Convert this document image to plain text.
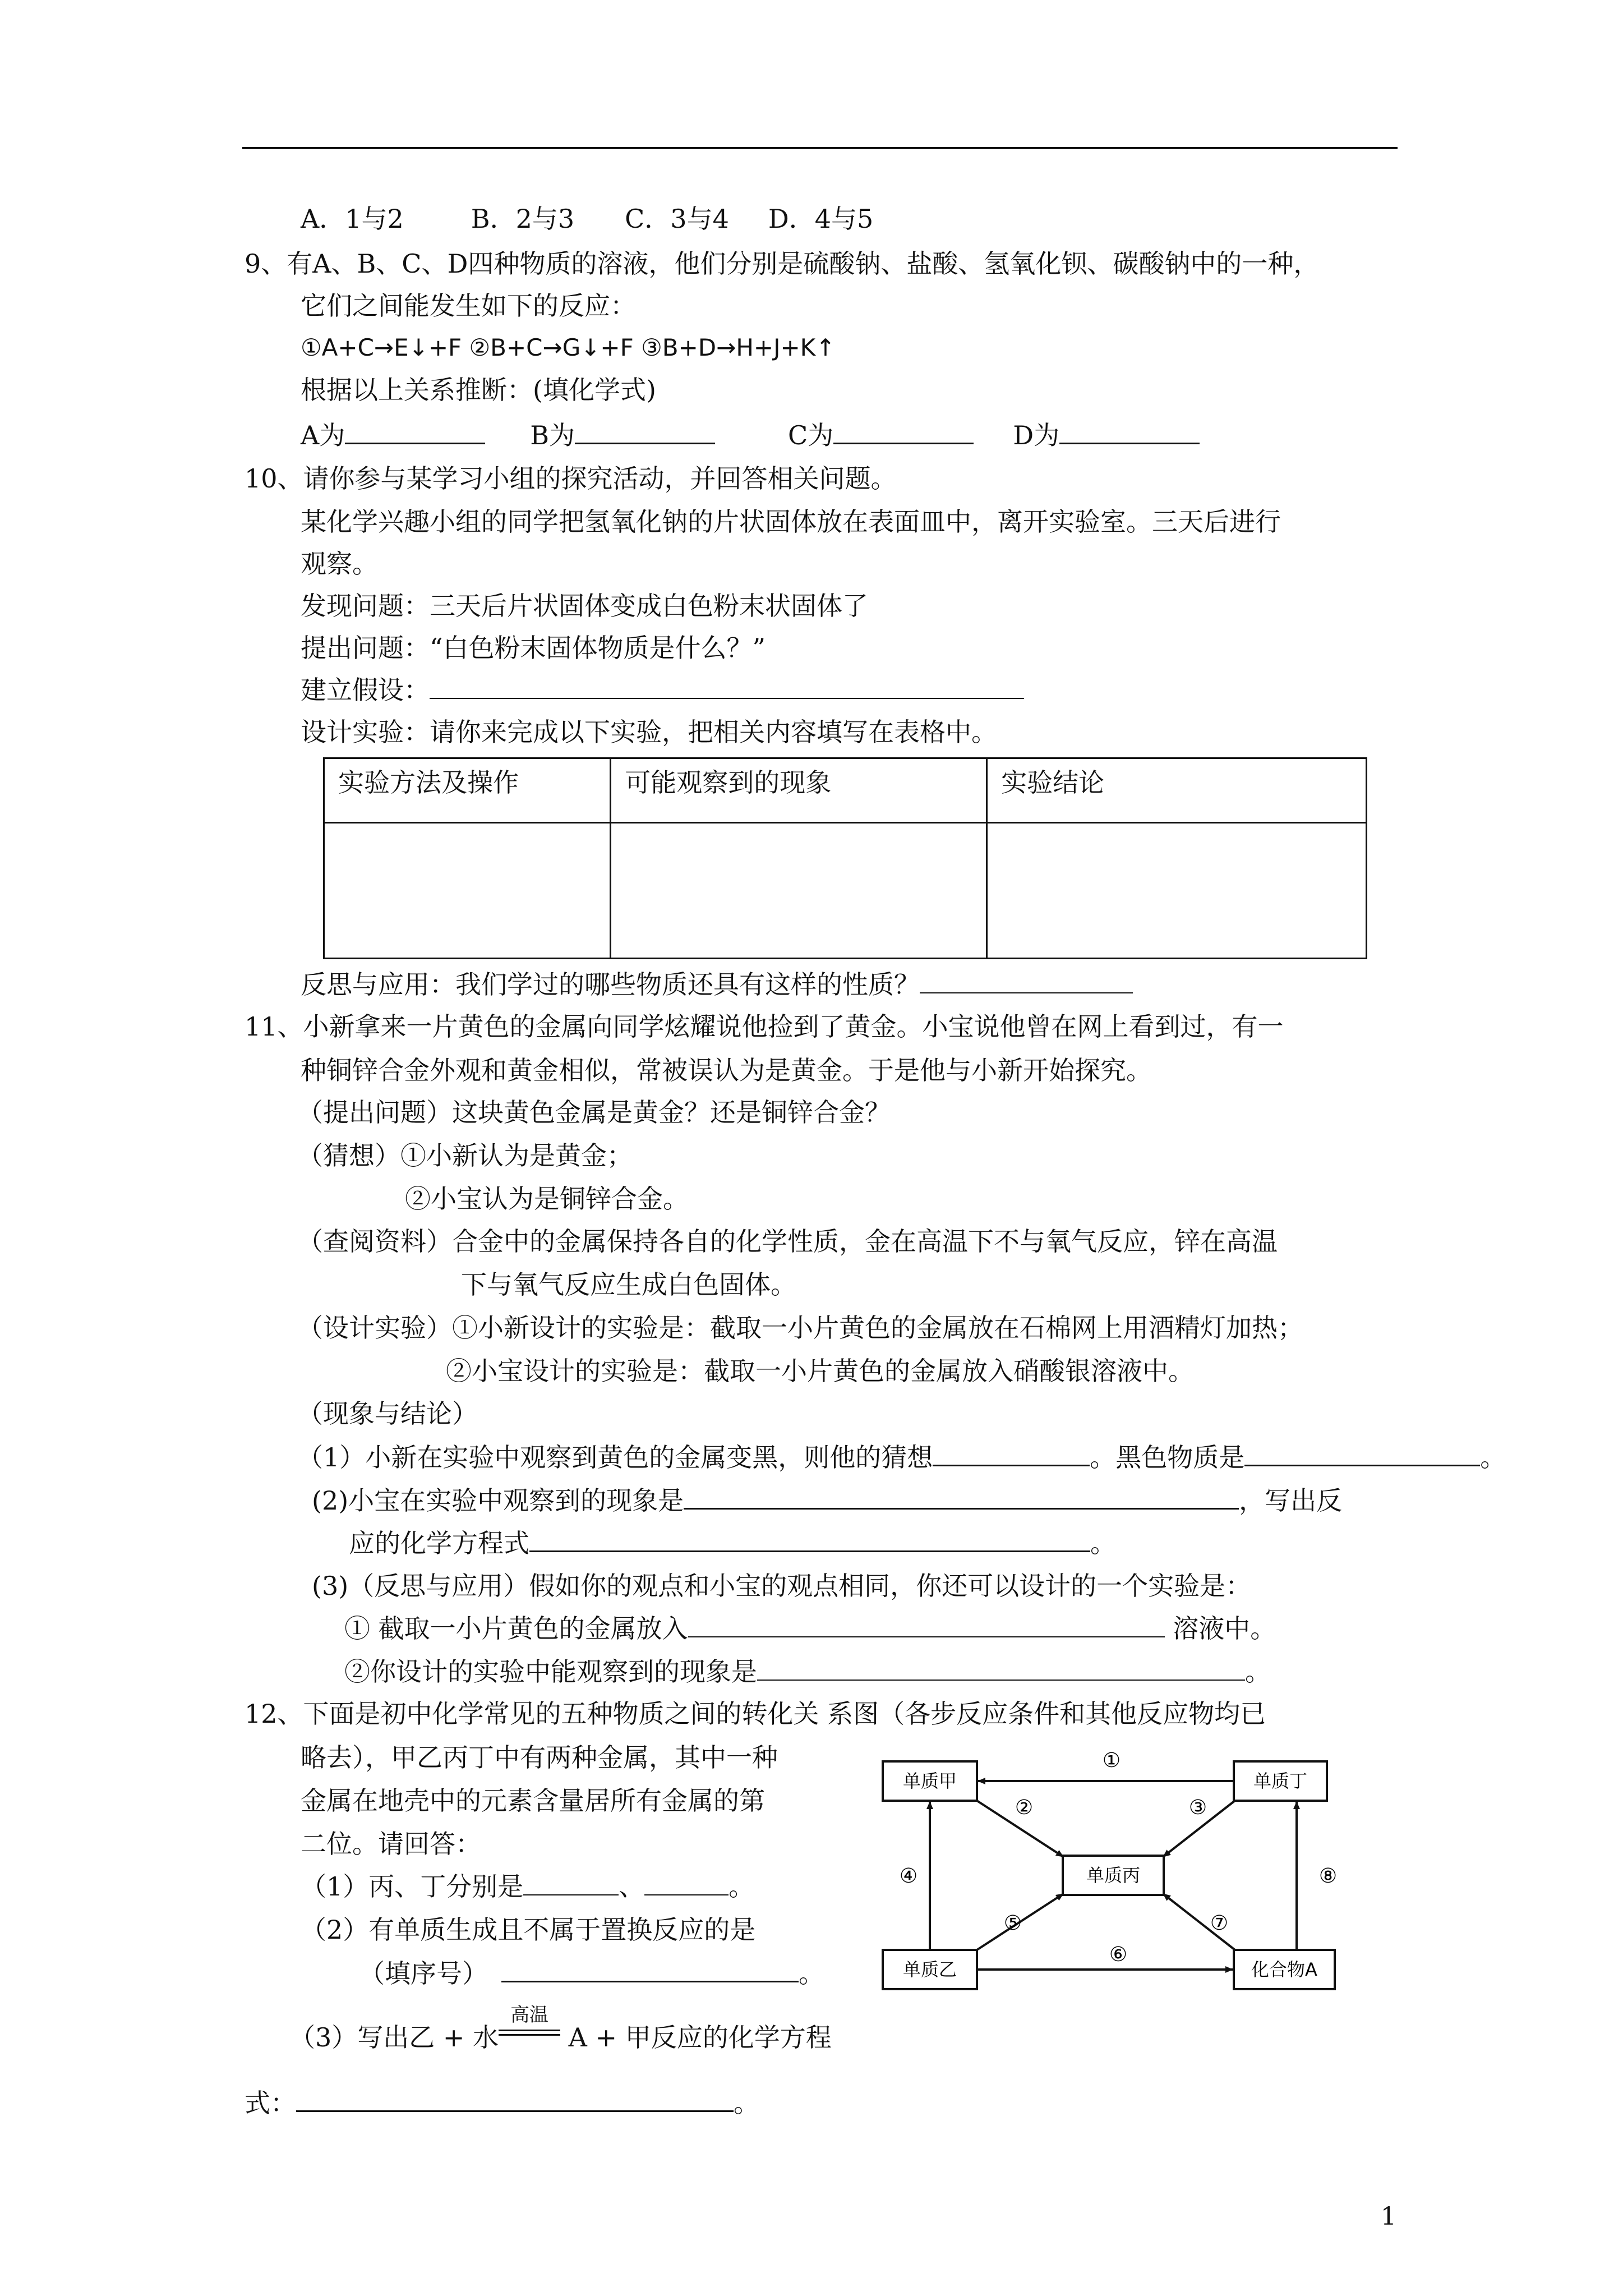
A．1与2	B．2与3 C．3与4 D．4与5
9、有A、B、C、D四种物质的溶液，他们分别是硫酸钠、盐酸、氢氧化钡、碳酸钠中的一种，
它们之间能发生如下的反应：
①A+C→E↓+F ②B+C→G↓+F ③B+D→H+J+K↑
根据以上关系推断：(填化学式)
A为	B为	C为	D为
10、请你参与某学习小组的探究活动，并回答相关问题。
某化学兴趣小组的同学把氢氧化钠的片状固体放在表面皿中，离开实验室。三天后进行
观察。
发现问题：三天后片状固体变成白色粉末状固体了
提出问题：“白色粉末固体物质是什么？”
建立假设：
设计实验：请你来完成以下实验，把相关内容填写在表格中。
实验方法及操作	可能观察到的现象	实验结论

反思与应用：我们学过的哪些物质还具有这样的性质？
11、小新拿来一片黄色的金属向同学炫耀说他捡到了黄金。小宝说他曾在网上看到过，有一
种铜锌合金外观和黄金相似，常被误认为是黄金。于是他与小新开始探究。
（提出问题）这块黄色金属是黄金？还是铜锌合金？
（猜想）①小新认为是黄金；
②小宝认为是铜锌合金。
（查阅资料）合金中的金属保持各自的化学性质，金在高温下不与氧气反应，锌在高温
下与氧气反应生成白色固体。
（设计实验）①小新设计的实验是：截取一小片黄色的金属放在石棉网上用酒精灯加热；
②小宝设计的实验是：截取一小片黄色的金属放入硝酸银溶液中。
（现象与结论）
（1）小新在实验中观察到黄色的金属变黑，则他的猜想	。黑色物质是	。
(2)小宝在实验中观察到的现象是	，写出反
应的化学方程式	。
(3)（反思与应用）假如你的观点和小宝的观点相同，你还可以设计的一个实验是：
① 截取一小片黄色的金属放入	溶液中。
②你设计的实验中能观察到的现象是	。
12、下面是初中化学常见的五种物质之间的转化关 系图（各步反应条件和其他反应物均已
略去），甲乙丙丁中有两种金属，其中一种
金属在地壳中的元素含量居所有金属的第
二位。请回答：
（1）丙、丁分别是	、	。
（2）有单质生成且不属于置换反应的是
（填序号）	。
（3）写出乙 + 水
高温
A + 甲反应的化学方程
式：	。
单质甲	单质丁
单质丙
单质乙	化合物A
①
②	③
④
⑤
⑥
⑦
⑧
1
